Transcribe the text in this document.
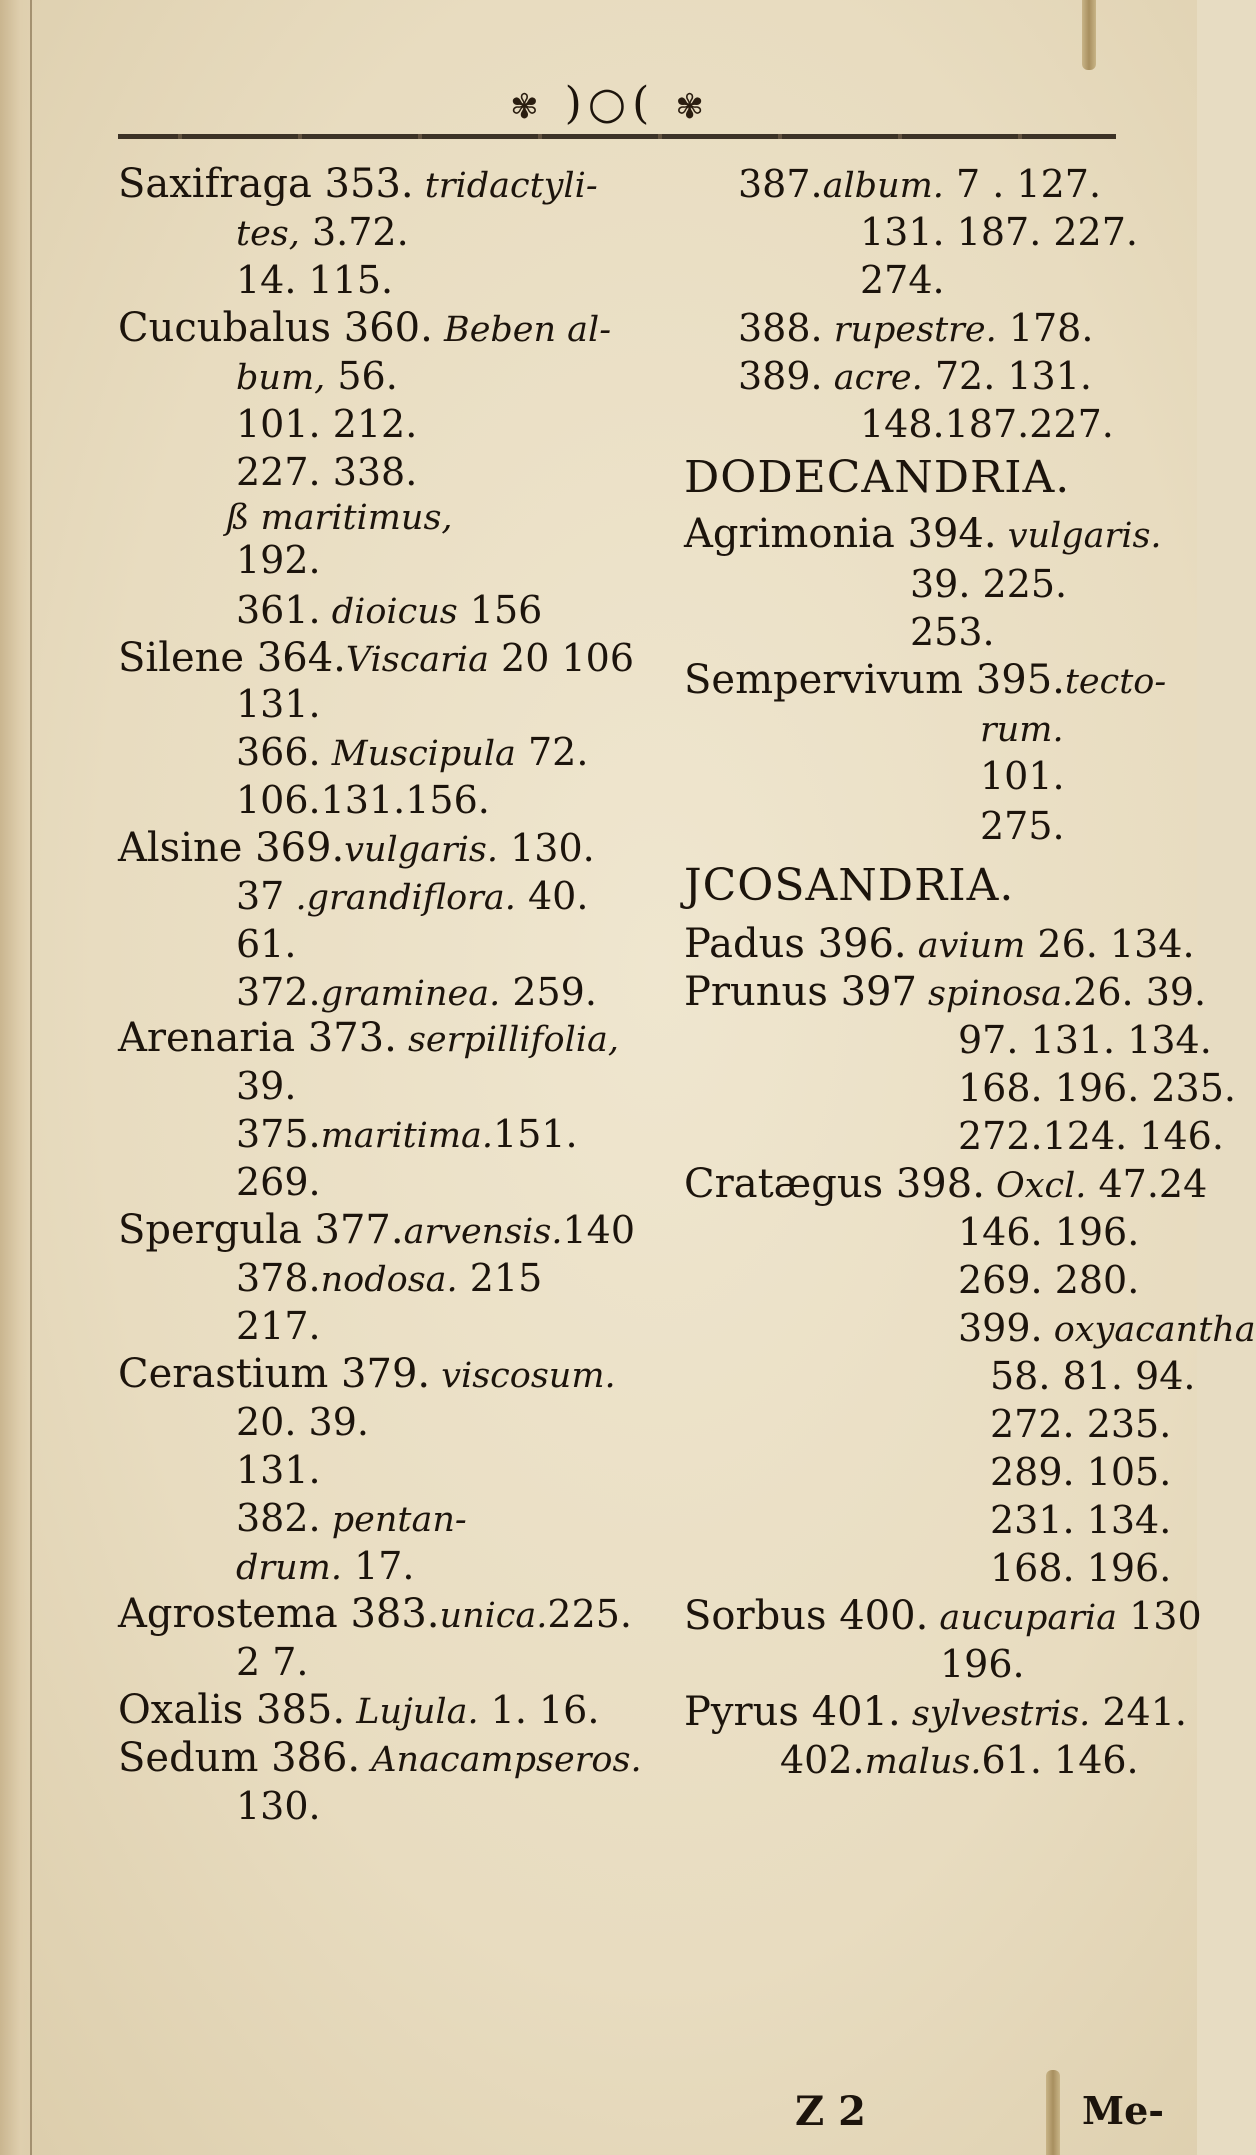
✾ )○( ✾
Saxifraga 353. tridactyli-
tes, 3.72.
14. 115.
Cucubalus 360. Beben al-
bum, 56.
101. 212.
227. 338.
ß maritimus,
192.
361. dioicus 156
Silene 364.Viscaria 20 106
131.
366. Muscipula 72.
106.131.156.
Alsine 369.vulgaris. 130.
37 .grandiflora. 40.
61.
372.graminea. 259.
Arenaria 373. serpillifolia,
39.
375.maritima.151.
269.
Spergula 377.arvensis.140
378.nodosa. 215
217.
Cerastium 379. viscosum.
20. 39.
131.
382. pentan-
drum. 17.
Agrostema 383.unica.225.
2 7.
Oxalis 385. Lujula. 1. 16.
Sedum 386. Anacampseros.
130.
387.album. 7 . 127.
131. 187. 227.
274.
388. rupestre. 178.
389. acre. 72. 131.
148.187.227.
DODECANDRIA.
Agrimonia 394. vulgaris.
39. 225.
253.
Sempervivum 395.tecto-
rum.
101.
275.
JCOSANDRIA.
Padus 396. avium 26. 134.
Prunus 397 spinosa.26. 39.
97. 131. 134.
168. 196. 235.
272.124. 146.
Cratægus 398. Oxcl. 47.24
146. 196.
269. 280.
399. oxyacantha
58. 81. 94.
272. 235.
289. 105.
231. 134.
168. 196.
Sorbus 400. aucuparia 130
196.
Pyrus 401. sylvestris. 241.
402.malus.61. 146.
Z 2	Me-
